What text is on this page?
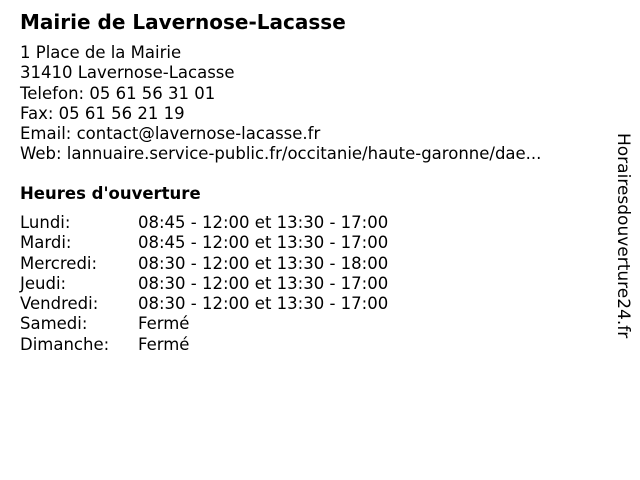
Mairie de Lavernose-Lacasse
1 Place de la Mairie
31410 Lavernose-Lacasse
Telefon: 05 61 56 31 01
Fax: 05 61 56 21 19
Email: contact@lavernose-lacasse.fr
Web: lannuaire.service-public.fr/occitanie/haute-garonne/dae...
Heures d'ouverture
Lundi:	08:45 - 12:00 et 13:30 - 17:00
Mardi:	08:45 - 12:00 et 13:30 - 17:00
Mercredi: 08:30 - 12:00 et 13:30 - 18:00
Jeudi:	08:30 - 12:00 et 13:30 - 17:00
Vendredi: 08:30 - 12:00 et 13:30 - 17:00
Samedi:	Fermé
Dimanche: Fermé
Horairesdouverture24.fr
